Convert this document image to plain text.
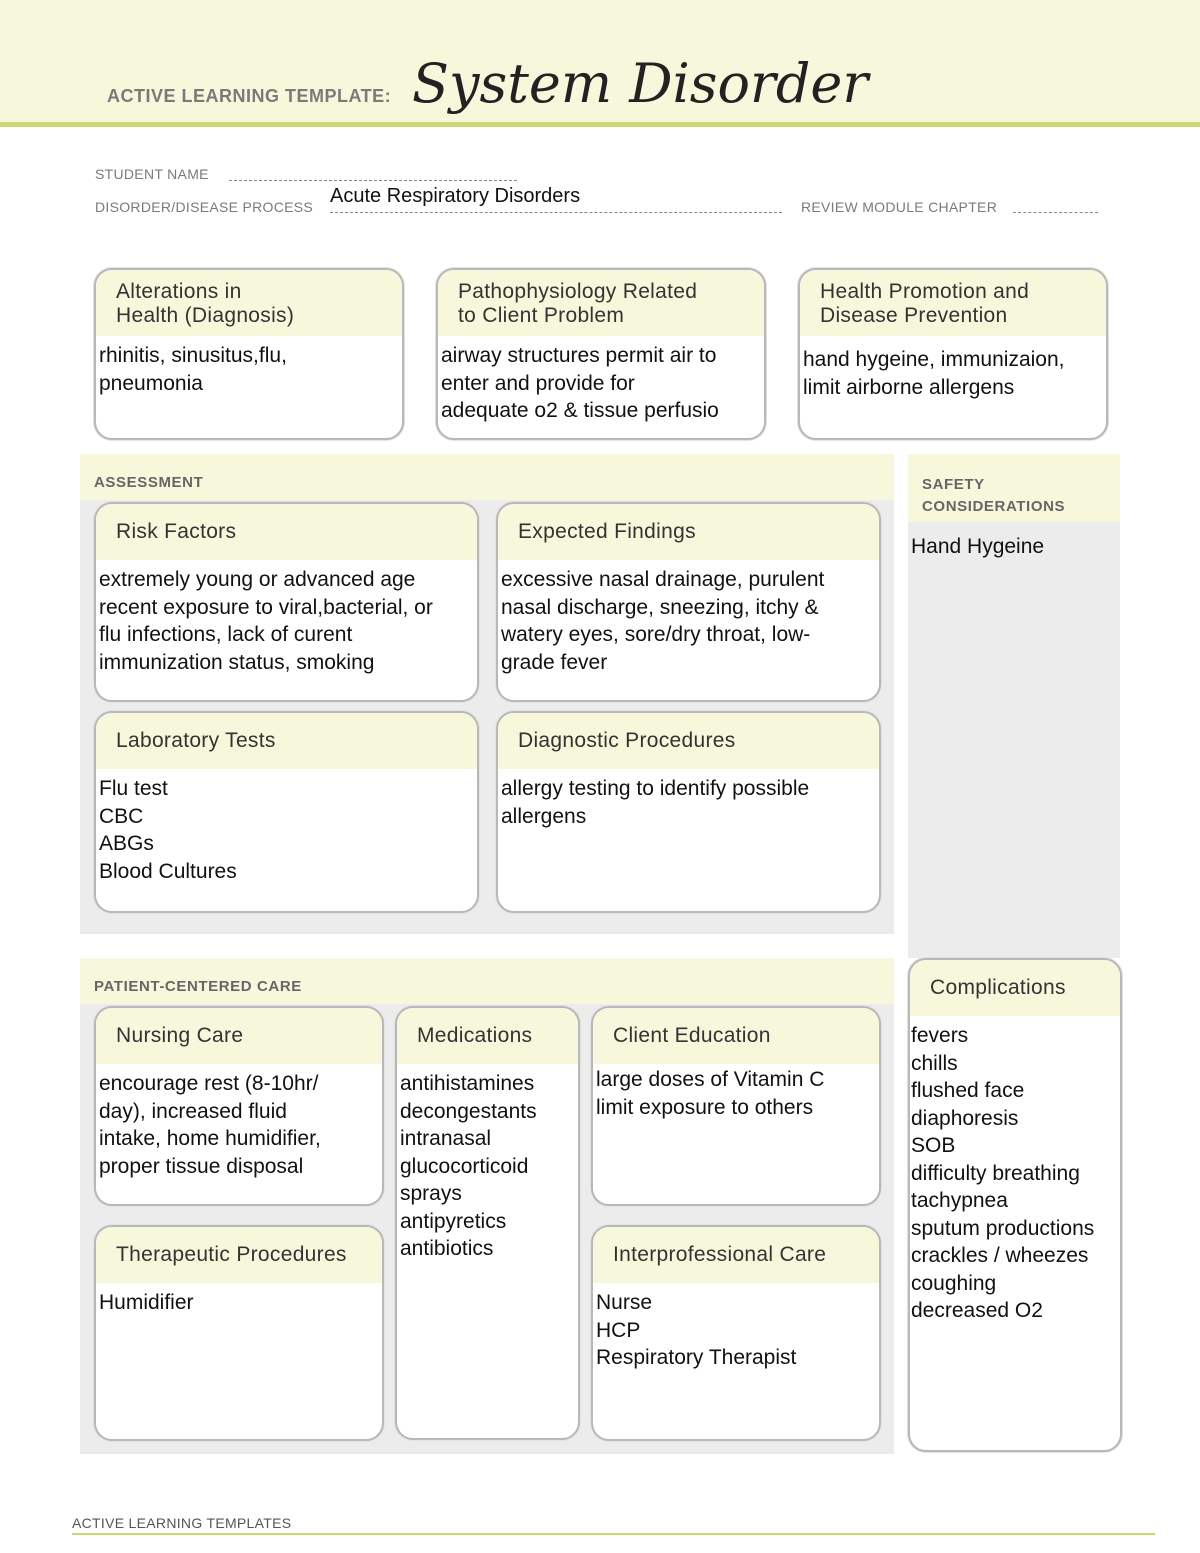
ACTIVE LEARNING TEMPLATE: System Disorder
STUDENT NAME
DISORDER/DISEASE PROCESS Acute Respiratory Disorders	REVIEW MODULE CHAPTER
Alterations in
Health (Diagnosis)
rhinitis, sinusitus,flu,
pneumonia
Pathophysiology Related
to Client Problem
airway structures permit air to
enter and provide for
adequate o2 & tissue perfusio
Health Promotion and
Disease Prevention
hand hygeine, immunizaion,
limit airborne allergens
ASSESSMENT
Risk Factors
extremely young or advanced age
recent exposure to viral,bacterial, or
flu infections, lack of curent
immunization status, smoking
Expected Findings
excessive nasal drainage, purulent
nasal discharge, sneezing, itchy &
watery eyes, sore/dry throat, low-
grade fever
Laboratory Tests
Flu test
CBC
ABGs
Blood Cultures
Diagnostic Procedures
allergy testing to identify possible
allergens
SAFETY
CONSIDERATIONS
Hand Hygeine
PATIENT-CENTERED CARE
Nursing Care
encourage rest (8-10hr/
day), increased fluid
intake, home humidifier,
proper tissue disposal
Medications
antihistamines
decongestants
intranasal
glucocorticoid
sprays
antipyretics
antibiotics
Client Education
large doses of Vitamin C
limit exposure to others
Therapeutic Procedures
Humidifier
Interprofessional Care
Nurse
HCP
Respiratory Therapist
Complications
fevers
chills
flushed face
diaphoresis
SOB
difficulty breathing
tachypnea
sputum productions
crackles / wheezes
coughing
decreased O2
ACTIVE LEARNING TEMPLATES
